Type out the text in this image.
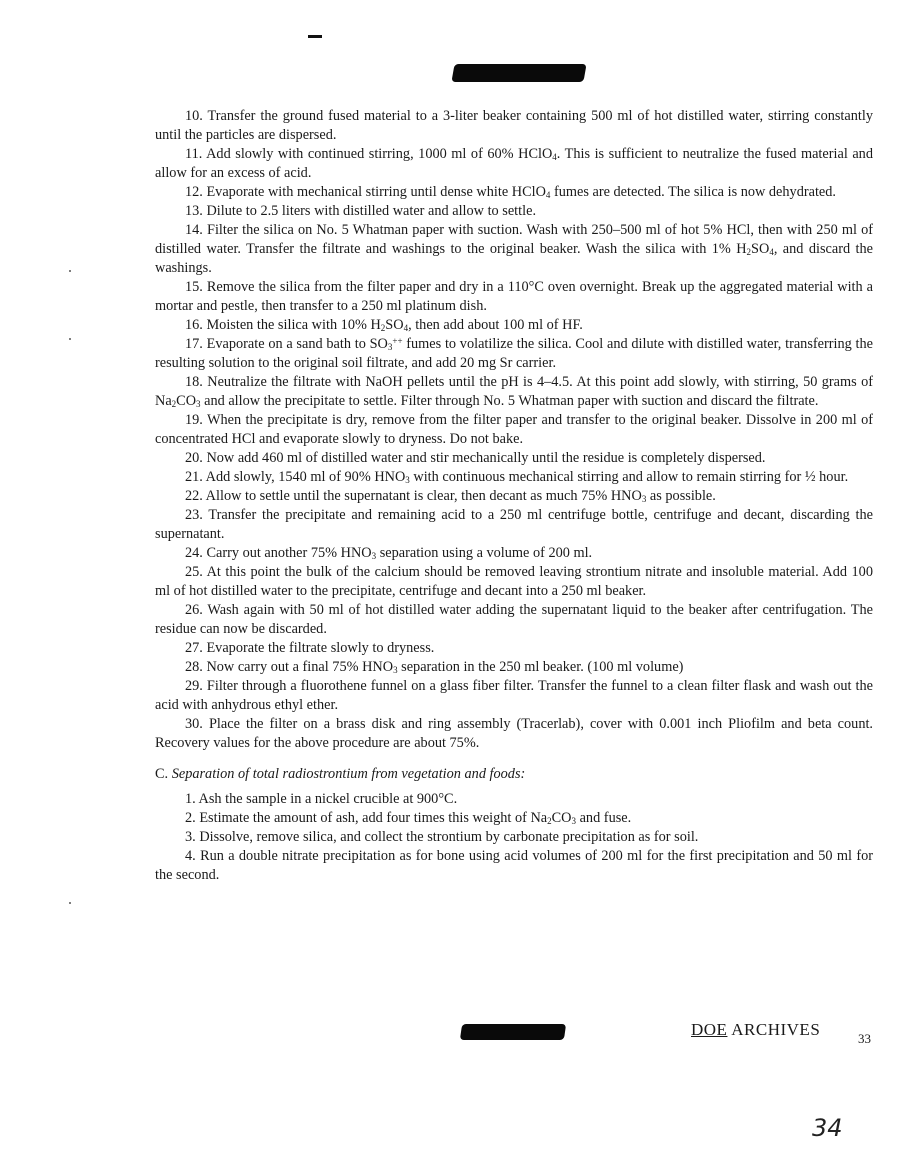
10. Transfer the ground fused material to a 3-liter beaker containing 500 ml of hot distilled water, stirring constantly until the particles are dispersed.

11. Add slowly with continued stirring, 1000 ml of 60% HClO$_4$. This is sufficient to neutralize the fused material and allow for an excess of acid.

12. Evaporate with mechanical stirring until dense white HClO$_4$ fumes are detected. The silica is now dehydrated.

13. Dilute to 2.5 liters with distilled water and allow to settle.

14. Filter the silica on No. 5 Whatman paper with suction. Wash with 250–500 ml of hot 5% HCl, then with 250 ml of distilled water. Transfer the filtrate and washings to the original beaker. Wash the silica with 1% $H_2SO_4$, and discard the washings.

15. Remove the silica from the filter paper and dry in a 110°C oven overnight. Break up the aggregated material with a mortar and pestle, then transfer to a 250 ml platinum dish.

16. Moisten the silica with 10% $H_2SO_4$, then add about 100 ml of HF.

17. Evaporate on a sand bath to $SO_3^{++}$ fumes to volatilize the silica. Cool and dilute with distilled water, transferring the resulting solution to the original soil filtrate, and add 20 mg Sr carrier.

18. Neutralize the filtrate with NaOH pellets until the pH is 4–4.5. At this point add slowly, with stirring, 50 grams of $Na_2CO_3$ and allow the precipitate to settle. Filter through No. 5 Whatman paper with suction and discard the filtrate.

19. When the precipitate is dry, remove from the filter paper and transfer to the original beaker. Dissolve in 200 ml of concentrated HCl and evaporate slowly to dryness. Do not bake.

20. Now add 460 ml of distilled water and stir mechanically until the residue is completely dispersed.

21. Add slowly, 1540 ml of 90% $HNO_3$ with continuous mechanical stirring and allow to remain stirring for ½ hour.

22. Allow to settle until the supernatant is clear, then decant as much 75% $HNO_3$ as possible.

23. Transfer the precipitate and remaining acid to a 250 ml centrifuge bottle, centrifuge and decant, discarding the supernatant.

24. Carry out another 75% $HNO_3$ separation using a volume of 200 ml.

25. At this point the bulk of the calcium should be removed leaving strontium nitrate and insoluble material. Add 100 ml of hot distilled water to the precipitate, centrifuge and decant into a 250 ml beaker.

26. Wash again with 50 ml of hot distilled water adding the supernatant liquid to the beaker after centrifugation. The residue can now be discarded.

27. Evaporate the filtrate slowly to dryness.

28. Now carry out a final 75% $HNO_3$ separation in the 250 ml beaker. (100 ml volume)

29. Filter through a fluorothene funnel on a glass fiber filter. Transfer the funnel to a clean filter flask and wash out the acid with anhydrous ethyl ether.

30. Place the filter on a brass disk and ring assembly (Tracerlab), cover with 0.001 inch Pliofilm and beta count. Recovery values for the above procedure are about 75%.

C. Separation of total radiostrontium from vegetation and foods:

1. Ash the sample in a nickel crucible at 900°C.

2. Estimate the amount of ash, add four times this weight of $Na_2CO_3$ and fuse.

3. Dissolve, remove silica, and collect the strontium by carbonate precipitation as for soil.

4. Run a double nitrate precipitation as for bone using acid volumes of 200 ml for the first precipitation and 50 ml for the second.

DOE ARCHIVES	33
34
